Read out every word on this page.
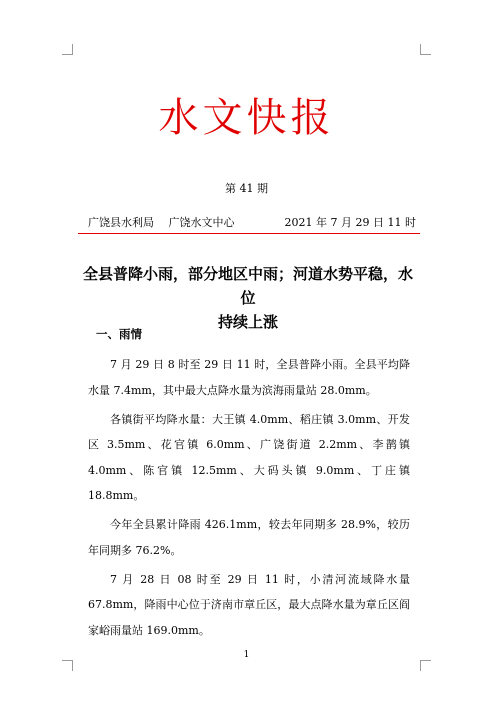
水文快报
第 41 期
广饶县水利局　 广饶水文中心	2021 年 7 月 29 日 11 时
全县普降小雨，部分地区中雨；河道水势平稳，水位
持续上涨
一、雨情

7 月 29 日 8 时至 29 日 11 时，全县普降小雨。全县平均降水量 7.4mm，其中最大点降水量为滨海雨量站 28.0mm。

各镇街平均降水量：大王镇 4.0mm、稻庄镇 3.0mm、开发区 3.5mm、花官镇 6.0mm、广饶街道 2.2mm、李鹊镇 4.0mm、陈官镇 12.5mm、大码头镇 9.0mm、丁庄镇 18.8mm。

今年全县累计降雨 426.1mm，较去年同期多 28.9%，较历年同期多 76.2%。

7 月 28 日 08 时至 29 日 11 时，小清河流域降水量 67.8mm，降雨中心位于济南市章丘区，最大点降水量为章丘区阎家峪雨量站 169.0mm。

1
